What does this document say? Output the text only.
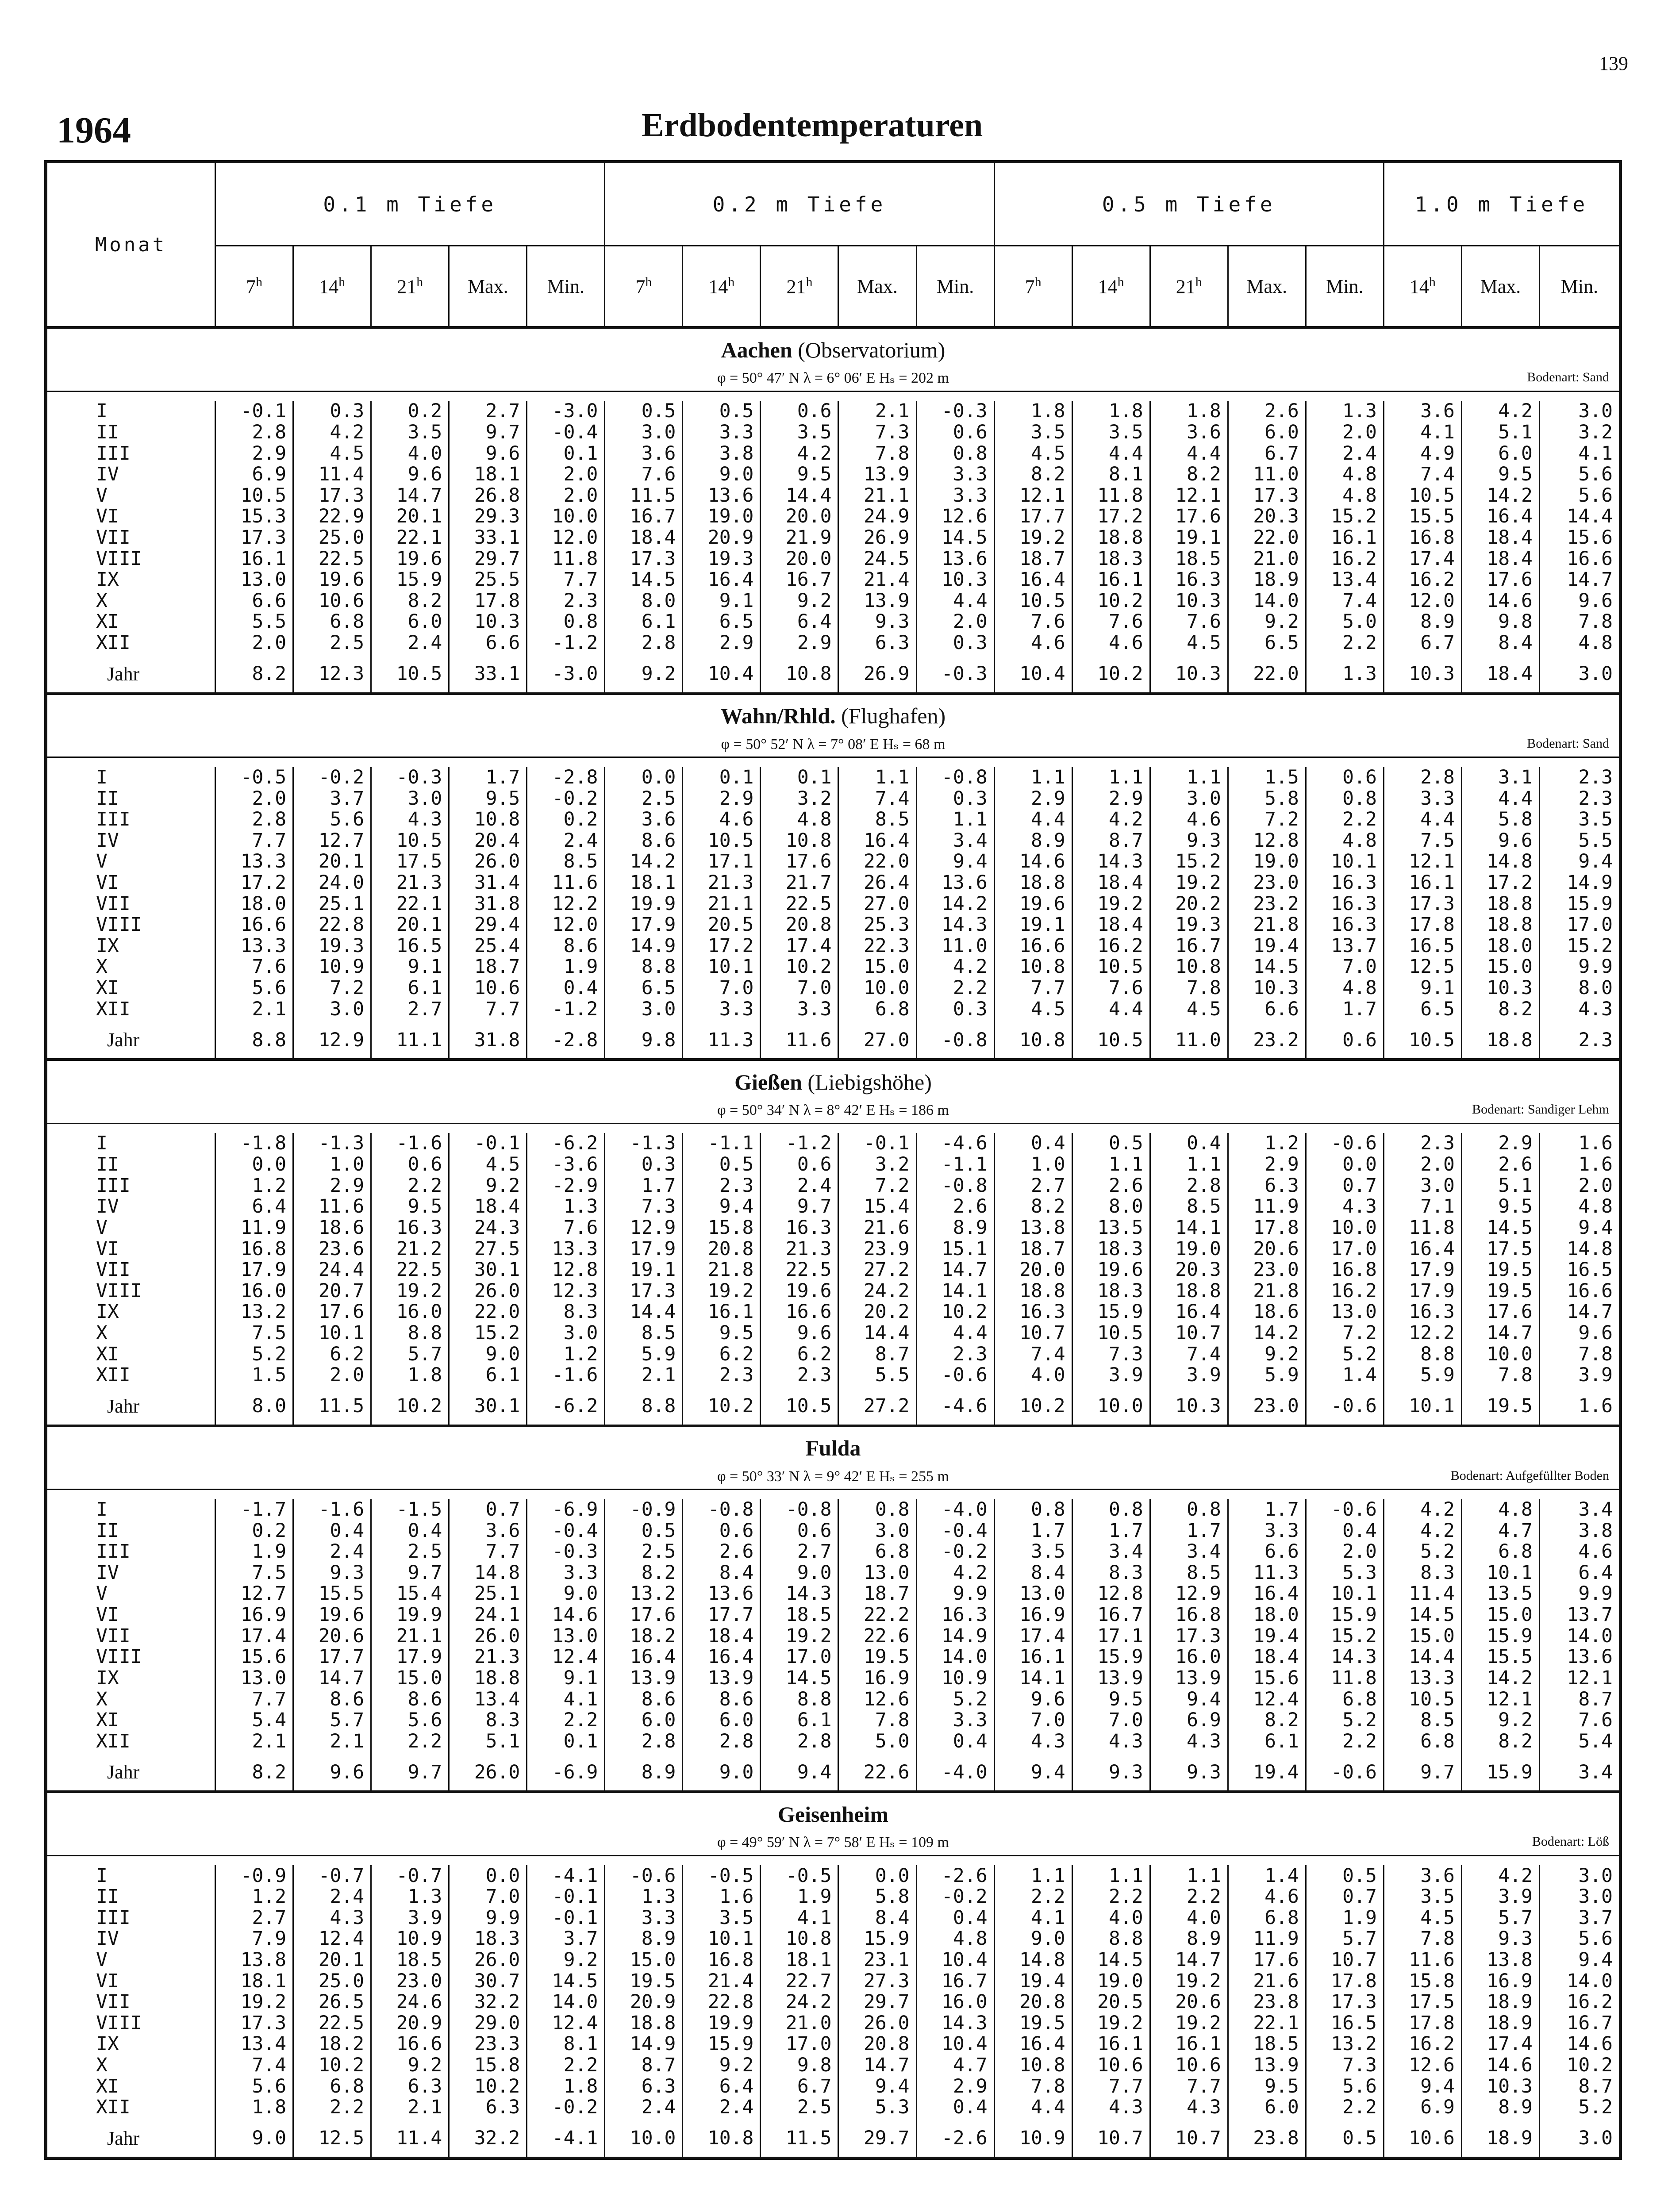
139
1964	Erdbodentemperaturen
Monat	0.1 m Tiefe					0.2 m Tiefe					0.5 m Tiefe					1.0 m Tiefe		
	7$^h$	14$^h$	21$^h$	Max.	Min.	7$^h$	14$^h$	21$^h$	Max.	Min.	7$^h$	14$^h$	21$^h$	Max.	Min.	14$^h$	Max.	Min.
Aachen (Observatorium)																		

φ = 50° 47′ N λ = 6° 06′ E Hₛ = 202 m Bodenart: Sand																		

I	-0.1	0.3	0.2	2.7	-3.0	0.5	0.5	0.6	2.1	-0.3	1.8	1.8	1.8	2.6	1.3	3.6	4.2	3.0
II	2.8	4.2	3.5	9.7	-0.4	3.0	3.3	3.5	7.3	0.6	3.5	3.5	3.6	6.0	2.0	4.1	5.1	3.2
III	2.9	4.5	4.0	9.6	0.1	3.6	3.8	4.2	7.8	0.8	4.5	4.4	4.4	6.7	2.4	4.9	6.0	4.1
IV	6.9	11.4	9.6	18.1	2.0	7.6	9.0	9.5	13.9	3.3	8.2	8.1	8.2	11.0	4.8	7.4	9.5	5.6
V	10.5	17.3	14.7	26.8	2.0	11.5	13.6	14.4	21.1	3.3	12.1	11.8	12.1	17.3	4.8	10.5	14.2	5.6
VI	15.3	22.9	20.1	29.3	10.0	16.7	19.0	20.0	24.9	12.6	17.7	17.2	17.6	20.3	15.2	15.5	16.4	14.4
VII	17.3	25.0	22.1	33.1	12.0	18.4	20.9	21.9	26.9	14.5	19.2	18.8	19.1	22.0	16.1	16.8	18.4	15.6
VIII	16.1	22.5	19.6	29.7	11.8	17.3	19.3	20.0	24.5	13.6	18.7	18.3	18.5	21.0	16.2	17.4	18.4	16.6
IX	13.0	19.6	15.9	25.5	7.7	14.5	16.4	16.7	21.4	10.3	16.4	16.1	16.3	18.9	13.4	16.2	17.6	14.7
X	6.6	10.6	8.2	17.8	2.3	8.0	9.1	9.2	13.9	4.4	10.5	10.2	10.3	14.0	7.4	12.0	14.6	9.6
XI	5.5	6.8	6.0	10.3	0.8	6.1	6.5	6.4	9.3	2.0	7.6	7.6	7.6	9.2	5.0	8.9	9.8	7.8
XII	2.0	2.5	2.4	6.6	-1.2	2.8	2.9	2.9	6.3	0.3	4.6	4.6	4.5	6.5	2.2	6.7	8.4	4.8
Jahr	8.2	12.3	10.5	33.1	-3.0	9.2	10.4	10.8	26.9	-0.3	10.4	10.2	10.3	22.0	1.3	10.3	18.4	3.0
Wahn/Rhld. (Flughafen)																		

φ = 50° 52′ N λ = 7° 08′ E Hₛ = 68 m Bodenart: Sand																		

I	-0.5	-0.2	-0.3	1.7	-2.8	0.0	0.1	0.1	1.1	-0.8	1.1	1.1	1.1	1.5	0.6	2.8	3.1	2.3
II	2.0	3.7	3.0	9.5	-0.2	2.5	2.9	3.2	7.4	0.3	2.9	2.9	3.0	5.8	0.8	3.3	4.4	2.3
III	2.8	5.6	4.3	10.8	0.2	3.6	4.6	4.8	8.5	1.1	4.4	4.2	4.6	7.2	2.2	4.4	5.8	3.5
IV	7.7	12.7	10.5	20.4	2.4	8.6	10.5	10.8	16.4	3.4	8.9	8.7	9.3	12.8	4.8	7.5	9.6	5.5
V	13.3	20.1	17.5	26.0	8.5	14.2	17.1	17.6	22.0	9.4	14.6	14.3	15.2	19.0	10.1	12.1	14.8	9.4
VI	17.2	24.0	21.3	31.4	11.6	18.1	21.3	21.7	26.4	13.6	18.8	18.4	19.2	23.0	16.3	16.1	17.2	14.9
VII	18.0	25.1	22.1	31.8	12.2	19.9	21.1	22.5	27.0	14.2	19.6	19.2	20.2	23.2	16.3	17.3	18.8	15.9
VIII	16.6	22.8	20.1	29.4	12.0	17.9	20.5	20.8	25.3	14.3	19.1	18.4	19.3	21.8	16.3	17.8	18.8	17.0
IX	13.3	19.3	16.5	25.4	8.6	14.9	17.2	17.4	22.3	11.0	16.6	16.2	16.7	19.4	13.7	16.5	18.0	15.2
X	7.6	10.9	9.1	18.7	1.9	8.8	10.1	10.2	15.0	4.2	10.8	10.5	10.8	14.5	7.0	12.5	15.0	9.9
XI	5.6	7.2	6.1	10.6	0.4	6.5	7.0	7.0	10.0	2.2	7.7	7.6	7.8	10.3	4.8	9.1	10.3	8.0
XII	2.1	3.0	2.7	7.7	-1.2	3.0	3.3	3.3	6.8	0.3	4.5	4.4	4.5	6.6	1.7	6.5	8.2	4.3
Jahr	8.8	12.9	11.1	31.8	-2.8	9.8	11.3	11.6	27.0	-0.8	10.8	10.5	11.0	23.2	0.6	10.5	18.8	2.3
Gießen (Liebigshöhe)																		

φ = 50° 34′ N λ = 8° 42′ E Hₛ = 186 m Bodenart: Sandiger Lehm																		

I	-1.8	-1.3	-1.6	-0.1	-6.2	-1.3	-1.1	-1.2	-0.1	-4.6	0.4	0.5	0.4	1.2	-0.6	2.3	2.9	1.6
II	0.0	1.0	0.6	4.5	-3.6	0.3	0.5	0.6	3.2	-1.1	1.0	1.1	1.1	2.9	0.0	2.0	2.6	1.6
III	1.2	2.9	2.2	9.2	-2.9	1.7	2.3	2.4	7.2	-0.8	2.7	2.6	2.8	6.3	0.7	3.0	5.1	2.0
IV	6.4	11.6	9.5	18.4	1.3	7.3	9.4	9.7	15.4	2.6	8.2	8.0	8.5	11.9	4.3	7.1	9.5	4.8
V	11.9	18.6	16.3	24.3	7.6	12.9	15.8	16.3	21.6	8.9	13.8	13.5	14.1	17.8	10.0	11.8	14.5	9.4
VI	16.8	23.6	21.2	27.5	13.3	17.9	20.8	21.3	23.9	15.1	18.7	18.3	19.0	20.6	17.0	16.4	17.5	14.8
VII	17.9	24.4	22.5	30.1	12.8	19.1	21.8	22.5	27.2	14.7	20.0	19.6	20.3	23.0	16.8	17.9	19.5	16.5
VIII	16.0	20.7	19.2	26.0	12.3	17.3	19.2	19.6	24.2	14.1	18.8	18.3	18.8	21.8	16.2	17.9	19.5	16.6
IX	13.2	17.6	16.0	22.0	8.3	14.4	16.1	16.6	20.2	10.2	16.3	15.9	16.4	18.6	13.0	16.3	17.6	14.7
X	7.5	10.1	8.8	15.2	3.0	8.5	9.5	9.6	14.4	4.4	10.7	10.5	10.7	14.2	7.2	12.2	14.7	9.6
XI	5.2	6.2	5.7	9.0	1.2	5.9	6.2	6.2	8.7	2.3	7.4	7.3	7.4	9.2	5.2	8.8	10.0	7.8
XII	1.5	2.0	1.8	6.1	-1.6	2.1	2.3	2.3	5.5	-0.6	4.0	3.9	3.9	5.9	1.4	5.9	7.8	3.9
Jahr	8.0	11.5	10.2	30.1	-6.2	8.8	10.2	10.5	27.2	-4.6	10.2	10.0	10.3	23.0	-0.6	10.1	19.5	1.6
Fulda																		

φ = 50° 33′ N λ = 9° 42′ E Hₛ = 255 m Bodenart: Aufgefüllter Boden																		

I	-1.7	-1.6	-1.5	0.7	-6.9	-0.9	-0.8	-0.8	0.8	-4.0	0.8	0.8	0.8	1.7	-0.6	4.2	4.8	3.4
II	0.2	0.4	0.4	3.6	-0.4	0.5	0.6	0.6	3.0	-0.4	1.7	1.7	1.7	3.3	0.4	4.2	4.7	3.8
III	1.9	2.4	2.5	7.7	-0.3	2.5	2.6	2.7	6.8	-0.2	3.5	3.4	3.4	6.6	2.0	5.2	6.8	4.6
IV	7.5	9.3	9.7	14.8	3.3	8.2	8.4	9.0	13.0	4.2	8.4	8.3	8.5	11.3	5.3	8.3	10.1	6.4
V	12.7	15.5	15.4	25.1	9.0	13.2	13.6	14.3	18.7	9.9	13.0	12.8	12.9	16.4	10.1	11.4	13.5	9.9
VI	16.9	19.6	19.9	24.1	14.6	17.6	17.7	18.5	22.2	16.3	16.9	16.7	16.8	18.0	15.9	14.5	15.0	13.7
VII	17.4	20.6	21.1	26.0	13.0	18.2	18.4	19.2	22.6	14.9	17.4	17.1	17.3	19.4	15.2	15.0	15.9	14.0
VIII	15.6	17.7	17.9	21.3	12.4	16.4	16.4	17.0	19.5	14.0	16.1	15.9	16.0	18.4	14.3	14.4	15.5	13.6
IX	13.0	14.7	15.0	18.8	9.1	13.9	13.9	14.5	16.9	10.9	14.1	13.9	13.9	15.6	11.8	13.3	14.2	12.1
X	7.7	8.6	8.6	13.4	4.1	8.6	8.6	8.8	12.6	5.2	9.6	9.5	9.4	12.4	6.8	10.5	12.1	8.7
XI	5.4	5.7	5.6	8.3	2.2	6.0	6.0	6.1	7.8	3.3	7.0	7.0	6.9	8.2	5.2	8.5	9.2	7.6
XII	2.1	2.1	2.2	5.1	0.1	2.8	2.8	2.8	5.0	0.4	4.3	4.3	4.3	6.1	2.2	6.8	8.2	5.4
Jahr	8.2	9.6	9.7	26.0	-6.9	8.9	9.0	9.4	22.6	-4.0	9.4	9.3	9.3	19.4	-0.6	9.7	15.9	3.4
Geisenheim																		

φ = 49° 59′ N λ = 7° 58′ E Hₛ = 109 m Bodenart: Löß																		

I	-0.9	-0.7	-0.7	0.0	-4.1	-0.6	-0.5	-0.5	0.0	-2.6	1.1	1.1	1.1	1.4	0.5	3.6	4.2	3.0
II	1.2	2.4	1.3	7.0	-0.1	1.3	1.6	1.9	5.8	-0.2	2.2	2.2	2.2	4.6	0.7	3.5	3.9	3.0
III	2.7	4.3	3.9	9.9	-0.1	3.3	3.5	4.1	8.4	0.4	4.1	4.0	4.0	6.8	1.9	4.5	5.7	3.7
IV	7.9	12.4	10.9	18.3	3.7	8.9	10.1	10.8	15.9	4.8	9.0	8.8	8.9	11.9	5.7	7.8	9.3	5.6
V	13.8	20.1	18.5	26.0	9.2	15.0	16.8	18.1	23.1	10.4	14.8	14.5	14.7	17.6	10.7	11.6	13.8	9.4
VI	18.1	25.0	23.0	30.7	14.5	19.5	21.4	22.7	27.3	16.7	19.4	19.0	19.2	21.6	17.8	15.8	16.9	14.0
VII	19.2	26.5	24.6	32.2	14.0	20.9	22.8	24.2	29.7	16.0	20.8	20.5	20.6	23.8	17.3	17.5	18.9	16.2
VIII	17.3	22.5	20.9	29.0	12.4	18.8	19.9	21.0	26.0	14.3	19.5	19.2	19.2	22.1	16.5	17.8	18.9	16.7
IX	13.4	18.2	16.6	23.3	8.1	14.9	15.9	17.0	20.8	10.4	16.4	16.1	16.1	18.5	13.2	16.2	17.4	14.6
X	7.4	10.2	9.2	15.8	2.2	8.7	9.2	9.8	14.7	4.7	10.8	10.6	10.6	13.9	7.3	12.6	14.6	10.2
XI	5.6	6.8	6.3	10.2	1.8	6.3	6.4	6.7	9.4	2.9	7.8	7.7	7.7	9.5	5.6	9.4	10.3	8.7
XII	1.8	2.2	2.1	6.3	-0.2	2.4	2.4	2.5	5.3	0.4	4.4	4.3	4.3	6.0	2.2	6.9	8.9	5.2
Jahr	9.0	12.5	11.4	32.2	-4.1	10.0	10.8	11.5	29.7	-2.6	10.9	10.7	10.7	23.8	0.5	10.6	18.9	3.0
